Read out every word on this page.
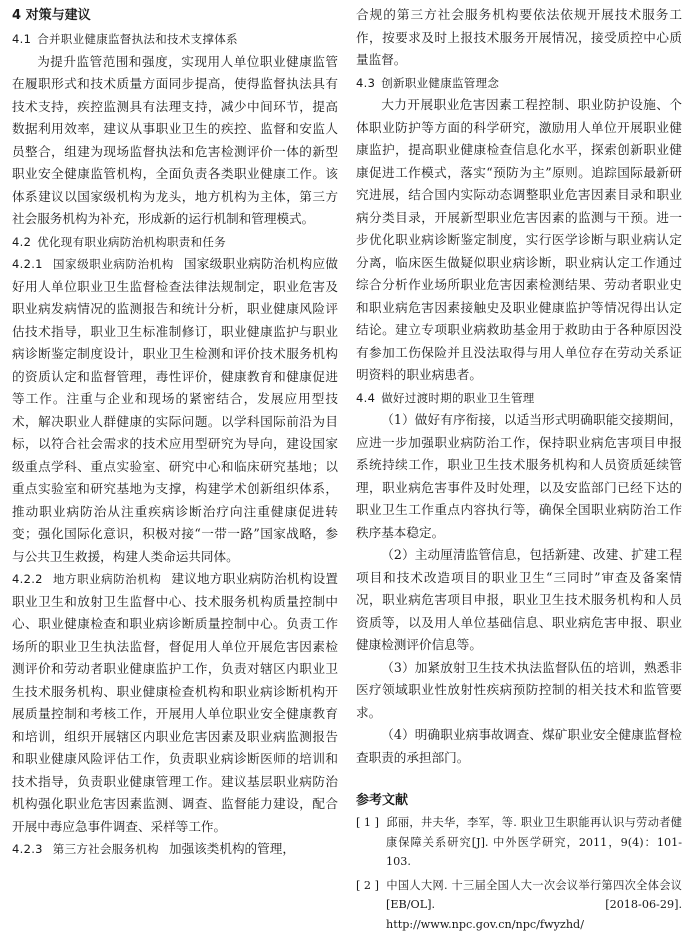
4 对策与建议
4.1 合并职业健康监督执法和技术支撑体系

为提升监管范围和强度，实现用人单位职业健康监管在履职形式和技术质量方面同步提高，使得监督执法具有技术支持，疾控监测具有法理支持，减少中间环节，提高数据利用效率，建议从事职业卫生的疾控、监督和安监人员整合，组建为现场监督执法和危害检测评价一体的新型职业安全健康监管机构，全面负责各类职业健康工作。该体系建议以国家级机构为龙头，地方机构为主体，第三方社会服务机构为补充，形成新的运行机制和管理模式。

4.2 优化现有职业病防治机构职责和任务

4.2.1 国家级职业病防治机构 国家级职业病防治机构应做好用人单位职业卫生监督检查法律法规制定，职业危害及职业病发病情况的监测报告和统计分析，职业健康风险评估技术指导，职业卫生标准制修订，职业健康监护与职业病诊断鉴定制度设计，职业卫生检测和评价技术服务机构的资质认定和监督管理，毒性评价，健康教育和健康促进等工作。注重与企业和现场的紧密结合，发展应用型技术，解决职业人群健康的实际问题。以学科国际前沿为目标，以符合社会需求的技术应用型研究为导向，建设国家级重点学科、重点实验室、研究中心和临床研究基地；以重点实验室和研究基地为支撑，构建学术创新组织体系，推动职业病防治从注重疾病诊断治疗向注重健康促进转变；强化国际化意识，积极对接“一带一路”国家战略，参与公共卫生救援，构建人类命运共同体。

4.2.2 地方职业病防治机构 建议地方职业病防治机构设置职业卫生和放射卫生监督中心、技术服务机构质量控制中心、职业健康检查和职业病诊断质量控制中心。负责工作场所的职业卫生执法监督，督促用人单位开展危害因素检测评价和劳动者职业健康监护工作，负责对辖区内职业卫生技术服务机构、职业健康检查机构和职业病诊断机构开展质量控制和考核工作，开展用人单位职业安全健康教育和培训，组织开展辖区内职业危害因素及职业病监测报告和职业健康风险评估工作，负责职业病诊断医师的培训和技术指导，负责职业健康管理工作。建议基层职业病防治机构强化职业危害因素监测、调查、监督能力建设，配合开展中毒应急事件调查、采样等工作。

4.2.3 第三方社会服务机构 加强该类机构的管理，

合规的第三方社会服务机构要依法依规开展技术服务工作，按要求及时上报技术服务开展情况，接受质控中心质量监督。

4.3 创新职业健康监管理念

大力开展职业危害因素工程控制、职业防护设施、个体职业防护等方面的科学研究，激励用人单位开展职业健康监护，提高职业健康检查信息化水平，探索创新职业健康促进工作模式，落实“预防为主”原则。追踪国际最新研究进展，结合国内实际动态调整职业危害因素目录和职业病分类目录，开展新型职业危害因素的监测与干预。进一步优化职业病诊断鉴定制度，实行医学诊断与职业病认定分离，临床医生做疑似职业病诊断，职业病认定工作通过综合分析作业场所职业危害因素检测结果、劳动者职业史和职业病危害因素接触史及职业健康监护等情况得出认定结论。建立专项职业病救助基金用于救助由于各种原因没有参加工伤保险并且没法取得与用人单位存在劳动关系证明资料的职业病患者。

4.4 做好过渡时期的职业卫生管理

（1）做好有序衔接，以适当形式明确职能交接期间，应进一步加强职业病防治工作，保持职业病危害项目申报系统持续工作，职业卫生技术服务机构和人员资质延续管理，职业病危害事件及时处理，以及安监部门已经下达的职业卫生工作重点内容执行等，确保全国职业病防治工作秩序基本稳定。

（2）主动厘清监管信息，包括新建、改建、扩建工程项目和技术改造项目的职业卫生“三同时”审查及备案情况，职业病危害项目申报，职业卫生技术服务机构和人员资质等，以及用人单位基础信息、职业病危害申报、职业健康检测评价信息等。

（3）加紧放射卫生技术执法监督队伍的培训，熟悉非医疗领域职业性放射性疾病预防控制的相关技术和监管要求。

（4）明确职业病事故调查、煤矿职业安全健康监督检查职责的承担部门。

参考文献

[ 1 ] 邱丽，井夫华，李军，等. 职业卫生职能再认识与劳动者健康保障关系研究[J]. 中外医学研究，2011，9(4)：101-103.

[ 2 ] 中国人大网. 十三届全国人大一次会议举行第四次全体会议[EB/OL]. [2018-06-29]. http://www.npc.gov.cn/npc/fwyzhd/
